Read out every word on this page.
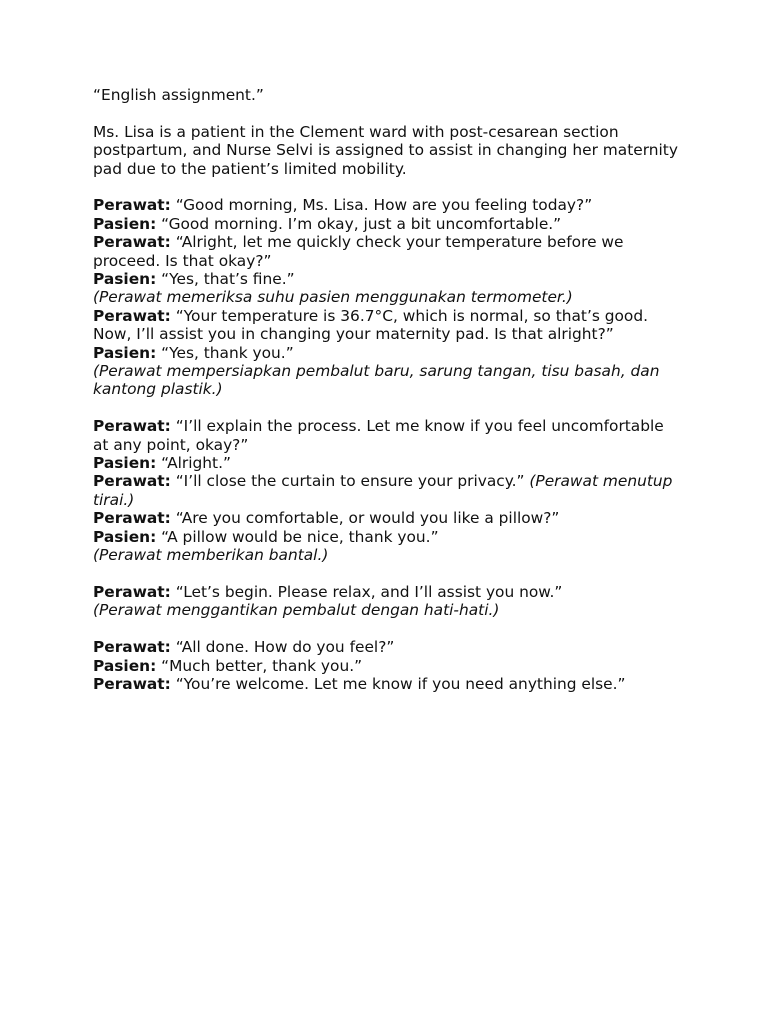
“English assignment.”

Ms. Lisa is a patient in the Clement ward with post-cesarean section postpartum, and Nurse Selvi is assigned to assist in changing her maternity pad due to the patient’s limited mobility.

Perawat: “Good morning, Ms. Lisa. How are you feeling today?”

Pasien: “Good morning. I’m okay, just a bit uncomfortable.”

Perawat: “Alright, let me quickly check your temperature before we proceed. Is that okay?”

Pasien: “Yes, that’s fine.”

(Perawat memeriksa suhu pasien menggunakan termometer.)

Perawat: “Your temperature is 36.7°C, which is normal, so that’s good. Now, I’ll assist you in changing your maternity pad. Is that alright?”

Pasien: “Yes, thank you.”

(Perawat mempersiapkan pembalut baru, sarung tangan, tisu basah, dan kantong plastik.)

Perawat: “I’ll explain the process. Let me know if you feel uncomfortable at any point, okay?”

Pasien: “Alright.”

Perawat: “I’ll close the curtain to ensure your privacy.” (Perawat menutup tirai.)

Perawat: “Are you comfortable, or would you like a pillow?”

Pasien: “A pillow would be nice, thank you.”

(Perawat memberikan bantal.)

Perawat: “Let’s begin. Please relax, and I’ll assist you now.”

(Perawat menggantikan pembalut dengan hati-hati.)

Perawat: “All done. How do you feel?”

Pasien: “Much better, thank you.”

Perawat: “You’re welcome. Let me know if you need anything else.”
